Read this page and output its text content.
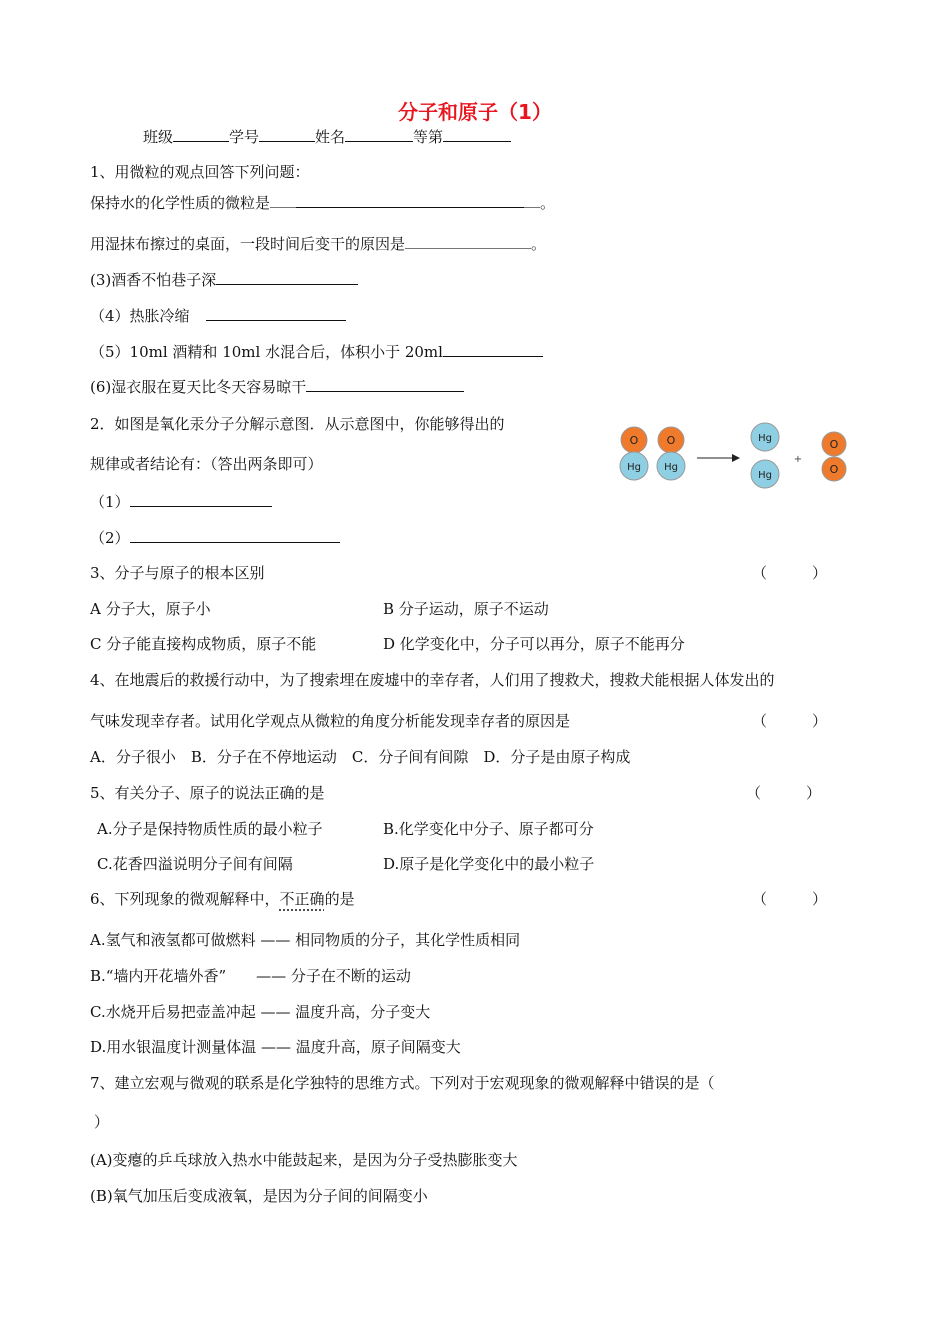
分子和原子（1）
班级	学号	姓名	等第
1、用微粒的观点回答下列问题：
保持水的化学性质的微粒是	。
用湿抹布擦过的桌面，一段时间后变干的原因是	。
(3)酒香不怕巷子深
（4）热胀冷缩
（5）10ml 酒精和 10ml 水混合后，体积小于 20ml
(6)湿衣服在夏天比冬天容易晾干
2．如图是氧化汞分子分解示意图．从示意图中，你能够得出的
规律或者结论有：（答出两条即可）
（1）
（2）
O
Hg
O
Hg
Hg
Hg
+
O
O
3、分子与原子的根本区别	（　　　）
A 分子大，原子小	B 分子运动，原子不运动
C 分子能直接构成物质，原子不能	D 化学变化中，分子可以再分，原子不能再分
4、在地震后的救援行动中，为了搜索埋在废墟中的幸存者，人们用了搜救犬，搜救犬能根据人体发出的
气味发现幸存者。试用化学观点从微粒的角度分析能发现幸存者的原因是	（　　　）
A．分子很小　B．分子在不停地运动　C．分子间有间隙　D．分子是由原子构成
5、有关分子、原子的说法正确的是	（　　　）
A.分子是保持物质性质的最小粒子	B.化学变化中分子、原子都可分
C.花香四溢说明分子间有间隔	D.原子是化学变化中的最小粒子
6、下列现象的微观解释中，不正确的是	（　　　）
A.氢气和液氢都可做燃料 —— 相同物质的分子，其化学性质相同
B.“墙内开花墙外香”　　—— 分子在不断的运动
C.水烧开后易把壶盖冲起 —— 温度升高，分子变大
D.用水银温度计测量体温 —— 温度升高，原子间隔变大
7、建立宏观与微观的联系是化学独特的思维方式。下列对于宏观现象的微观解释中错误的是（
）
(A)变瘪的乒乓球放入热水中能鼓起来，是因为分子受热膨胀变大
(B)氧气加压后变成液氧，是因为分子间的间隔变小
